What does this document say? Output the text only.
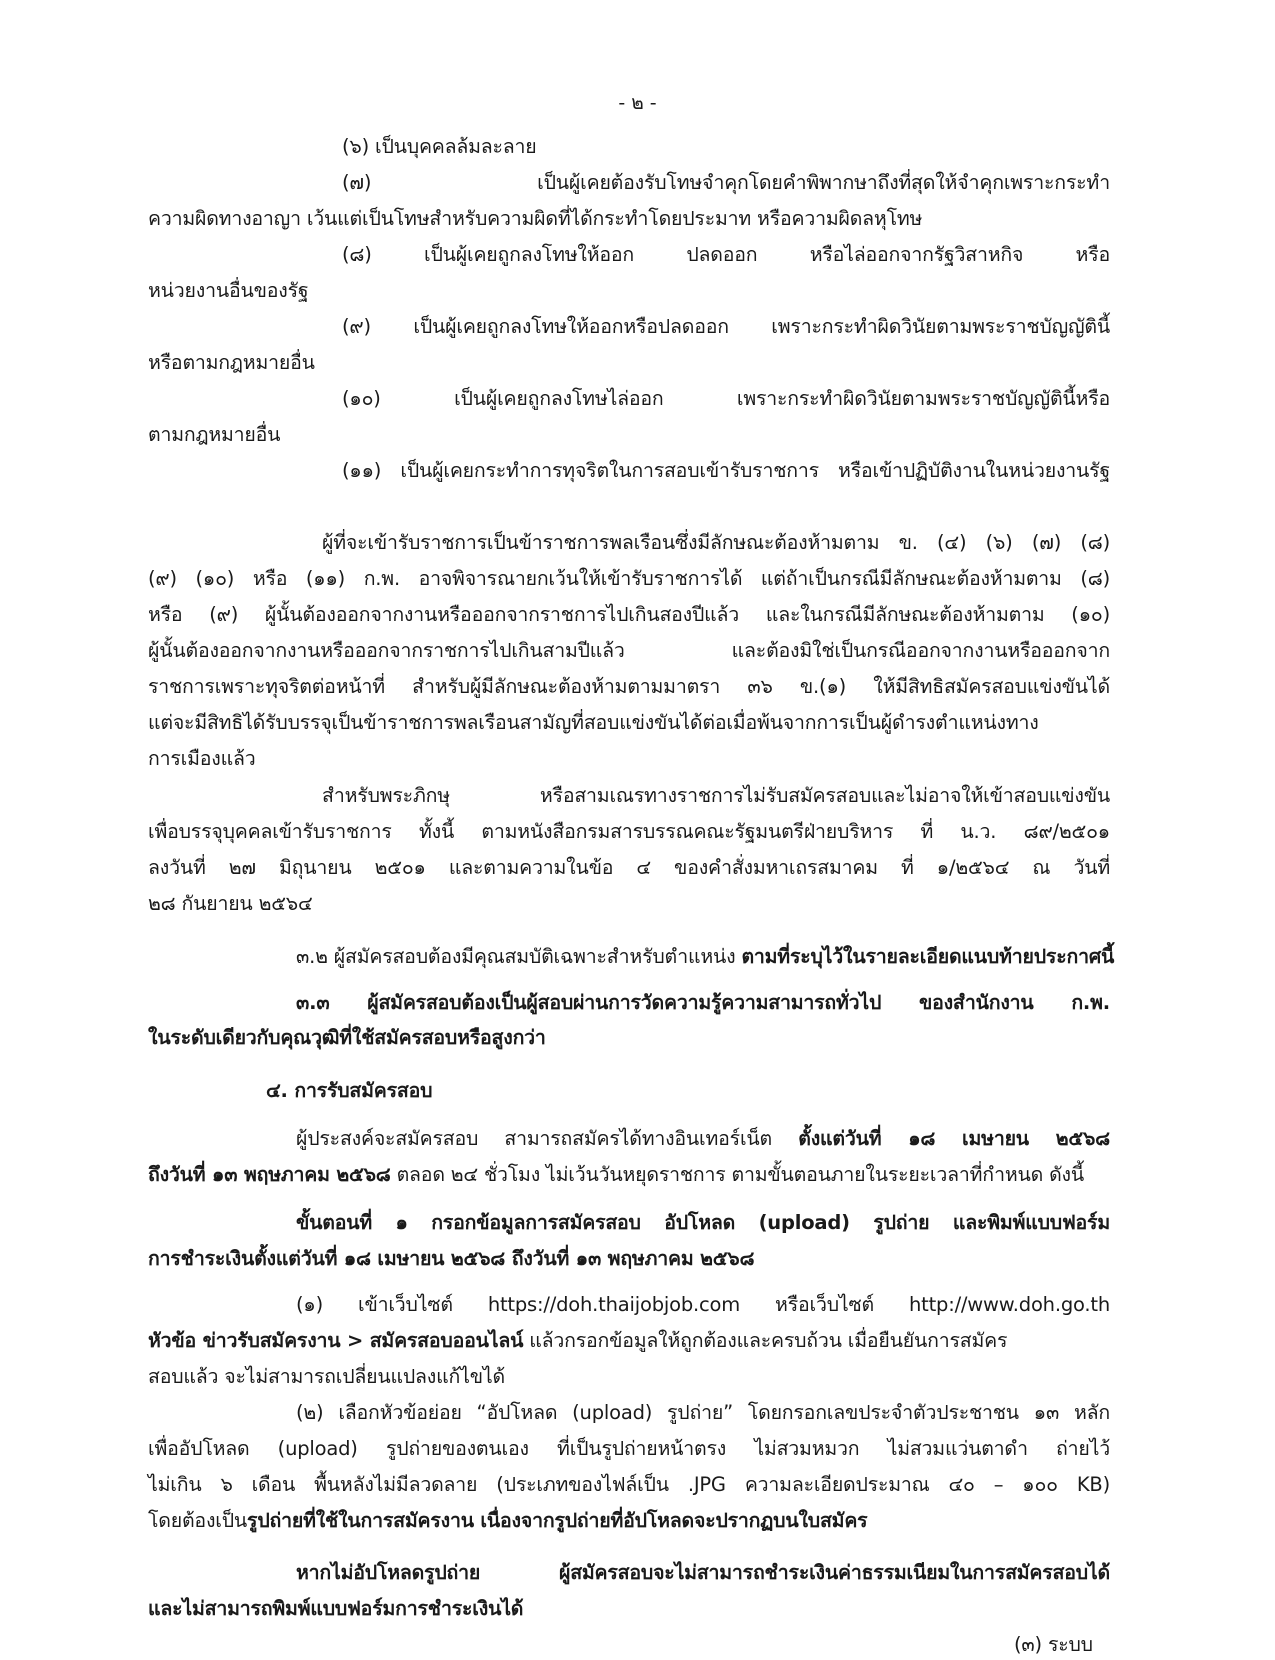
- ๒ -
(๖) เป็นบุคคลล้มละลาย
(๗) เป็นผู้เคยต้องรับโทษจำคุกโดยคำพิพากษาถึงที่สุดให้จำคุกเพราะกระทำ
ความผิดทางอาญา เว้นแต่เป็นโทษสำหรับความผิดที่ได้กระทำโดยประมาท หรือความผิดลหุโทษ
(๘) เป็นผู้เคยถูกลงโทษให้ออก ปลดออก หรือไล่ออกจากรัฐวิสาหกิจ หรือ
หน่วยงานอื่นของรัฐ
(๙) เป็นผู้เคยถูกลงโทษให้ออกหรือปลดออก เพราะกระทำผิดวินัยตามพระราชบัญญัตินี้
หรือตามกฎหมายอื่น
(๑๐) เป็นผู้เคยถูกลงโทษไล่ออก เพราะกระทำผิดวินัยตามพระราชบัญญัตินี้หรือ
ตามกฎหมายอื่น
(๑๑) เป็นผู้เคยกระทำการทุจริตในการสอบเข้ารับราชการ หรือเข้าปฏิบัติงานในหน่วยงานรัฐ
ผู้ที่จะเข้ารับราชการเป็นข้าราชการพลเรือนซึ่งมีลักษณะต้องห้ามตาม ข. (๔) (๖) (๗) (๘)
(๙) (๑๐) หรือ (๑๑) ก.พ. อาจพิจารณายกเว้นให้เข้ารับราชการได้ แต่ถ้าเป็นกรณีมีลักษณะต้องห้ามตาม (๘)
หรือ (๙) ผู้นั้นต้องออกจากงานหรือออกจากราชการไปเกินสองปีแล้ว และในกรณีมีลักษณะต้องห้ามตาม (๑๐)
ผู้นั้นต้องออกจากงานหรือออกจากราชการไปเกินสามปีแล้ว และต้องมิใช่เป็นกรณีออกจากงานหรือออกจาก
ราชการเพราะทุจริตต่อหน้าที่ สำหรับผู้มีลักษณะต้องห้ามตามมาตรา ๓๖ ข.(๑) ให้มีสิทธิสมัครสอบแข่งขันได้
แต่จะมีสิทธิได้รับบรรจุเป็นข้าราชการพลเรือนสามัญที่สอบแข่งขันได้ต่อเมื่อพ้นจากการเป็นผู้ดำรงตำแหน่งทาง
การเมืองแล้ว
สำหรับพระภิกษุ หรือสามเณรทางราชการไม่รับสมัครสอบและไม่อาจให้เข้าสอบแข่งขัน
เพื่อบรรจุบุคคลเข้ารับราชการ ทั้งนี้ ตามหนังสือกรมสารบรรณคณะรัฐมนตรีฝ่ายบริหาร ที่ น.ว. ๘๙/๒๕๐๑
ลงวันที่ ๒๗ มิถุนายน ๒๕๐๑ และตามความในข้อ ๔ ของคำสั่งมหาเถรสมาคม ที่ ๑/๒๕๖๔ ณ วันที่
๒๘ กันยายน ๒๕๖๔
๓.๒ ผู้สมัครสอบต้องมีคุณสมบัติเฉพาะสำหรับตำแหน่ง ตามที่ระบุไว้ในรายละเอียดแนบท้ายประกาศนี้
๓.๓ ผู้สมัครสอบต้องเป็นผู้สอบผ่านการวัดความรู้ความสามารถทั่วไป ของสำนักงาน ก.พ.
ในระดับเดียวกับคุณวุฒิที่ใช้สมัครสอบหรือสูงกว่า
๔. การรับสมัครสอบ
ผู้ประสงค์จะสมัครสอบ สามารถสมัครได้ทางอินเทอร์เน็ต ตั้งแต่วันที่ ๑๘ เมษายน ๒๕๖๘
ถึงวันที่ ๑๓ พฤษภาคม ๒๕๖๘ ตลอด ๒๔ ชั่วโมง ไม่เว้นวันหยุดราชการ ตามขั้นตอนภายในระยะเวลาที่กำหนด ดังนี้
ขั้นตอนที่ ๑ กรอกข้อมูลการสมัครสอบ อัปโหลด (upload) รูปถ่าย และพิมพ์แบบฟอร์ม
การชำระเงินตั้งแต่วันที่ ๑๘ เมษายน ๒๕๖๘ ถึงวันที่ ๑๓ พฤษภาคม ๒๕๖๘
(๑) เข้าเว็บไซต์ https://doh.thaijobjob.com หรือเว็บไซต์ http://www.doh.go.th
หัวข้อ ข่าวรับสมัครงาน > สมัครสอบออนไลน์ แล้วกรอกข้อมูลให้ถูกต้องและครบถ้วน เมื่อยืนยันการสมัคร
สอบแล้ว จะไม่สามารถเปลี่ยนแปลงแก้ไขได้
(๒) เลือกหัวข้อย่อย “อัปโหลด (upload) รูปถ่าย” โดยกรอกเลขประจำตัวประชาชน ๑๓ หลัก
เพื่ออัปโหลด (upload) รูปถ่ายของตนเอง ที่เป็นรูปถ่ายหน้าตรง ไม่สวมหมวก ไม่สวมแว่นตาดำ ถ่ายไว้
ไม่เกิน ๖ เดือน พื้นหลังไม่มีลวดลาย (ประเภทของไฟล์เป็น .JPG ความละเอียดประมาณ ๔๐ – ๑๐๐ KB)
โดยต้องเป็นรูปถ่ายที่ใช้ในการสมัครงาน เนื่องจากรูปถ่ายที่อัปโหลดจะปรากฏบนใบสมัคร
หากไม่อัปโหลดรูปถ่าย ผู้สมัครสอบจะไม่สามารถชำระเงินค่าธรรมเนียมในการสมัครสอบได้
และไม่สามารถพิมพ์แบบฟอร์มการชำระเงินได้
(๓) ระบบ
